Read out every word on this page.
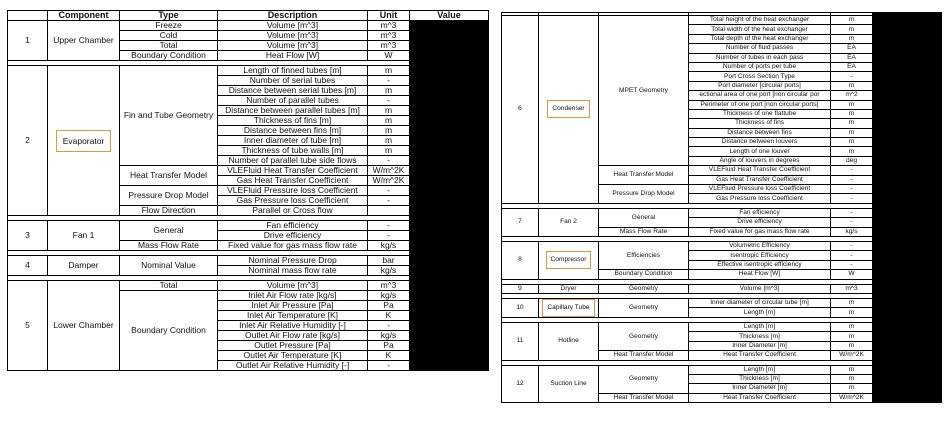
	Component	Type	Description	Unit	Value
1	Upper Chamber	Freeze	Volume [m^3]	m^3	
		Cold	Volume [m^3]	m^3	
		Total	Volume [m^3]	m^3	
		Boundary Condition	Heat Flow [W]	W	

2	Evaporator	Fin and Tube Geometry	Length of finned tubes [m]	m	
			Number of serial tubes	-	
			Distance between serial tubes [m]	m	
			Number of parallel tubes	-	
			Distance between parallel tubes [m]	m	
			Thickness of fins [m]	m	
			Distance between fins [m]	m	
			Inner diameter of tube [m]	m	
			Thickness of tube walls [m]	m	
			Number of parallel tube side flows	-	
		Heat Transfer Model	VLEFluid Heat Transfer Coefficient	W/m^2K	
			Gas Heat Transfer Coefficient	W/m^2K	
		Pressure Drop Model	VLEFluid Pressure loss Coefficient	-	
			Gas Pressure loss Coefficient	-	
		Flow Direction	Parallel or Cross flow		

3	Fan 1	General	Fan efficiency	-	
			Drive efficiency	-	
		Mass Flow Rate	Fixed value for gas mass flow rate	kg/s	

4	Damper	Nominal Value	Nominal Pressure Drop	bar	
			Nominal mass flow rate	kg/s	

5	Lower Chamber	Total	Volume [m^3]	m^3	
		Boundary Condition	Inlet Air Flow rate [kg/s]	kg/s	
			Inlet Air Pressure [Pa]	Pa	
			Inlet Air Temperature [K]	K	
			Inlet Air Relative Humidity [-]	-	
			Outlet Air Flow rate [kg/s]	kg/s	
			Outlet Pressure [Pa]	Pa	
			Outlet Air Temperature [K]	K	
			Outlet Air Relative Humidity [-]	-	

6	Condenser	MPET Geometry	Total height of the heat exchanger	m	
			Total width of the heat exchanger	m	
			Total depth of the heat exchanger	m	
			Number of fluid passes	EA	
			Number of tubes in each pass	EA	
			Number of ports per tube	EA	
			Port Cross Section Type	-	
			Port diameter [circular ports]	m	
			ectional area of one port [non circular por	m^2	
			Perimeter of one port [non circular ports]	m	
			Thickness of one flattube	m	
			Thickness of fins	m	
			Distance between fins	m	
			Distance between louvers	m	
			Length of one louver	m	
			Angle of louvers in degrees	deg	
		Heat Transfer Model	VLEFluid Heat Transfer Coefficient	-	
			Gas Heat Transfer Coefficient	-	
		Pressure Drop Model	VLEFluid Pressure loss Coefficient	-	
			Gas Pressure loss Coefficient	-	

7	Fan 2	General	Fan efficiency	-	
			Drive efficiency	-	
		Mass Flow Rate	Fixed value for gas mass flow rate	kg/s	

8	Compressor	Efficiencies	Volumetric Efficiency	-	
			Isentropic Efficiency	-	
			Effective isentropic efficiency	-	
		Boundary Condition	Heat Flow [W]	W	

9	Dryer	Geometry	Volume [m^3]	m^3	

10	Capillary Tube	Geometry	Inner diameter of circular tube [m]	m	
			Length [m]	m	

11	Hotline	Geometry	Length [m]	m	
			Thickness [m]	m	
			Inner Diameter [m]	m	
		Heat Transfer Model	Heat Transfer Coefficient	W/m^2K	

12	Suction Line	Geometry	Length [m]	m	
			Thickness [m]	m	
			Inner Diameter [m]	m	
		Heat Transfer Model	Heat Transfer Coefficient	W/m^2K	
